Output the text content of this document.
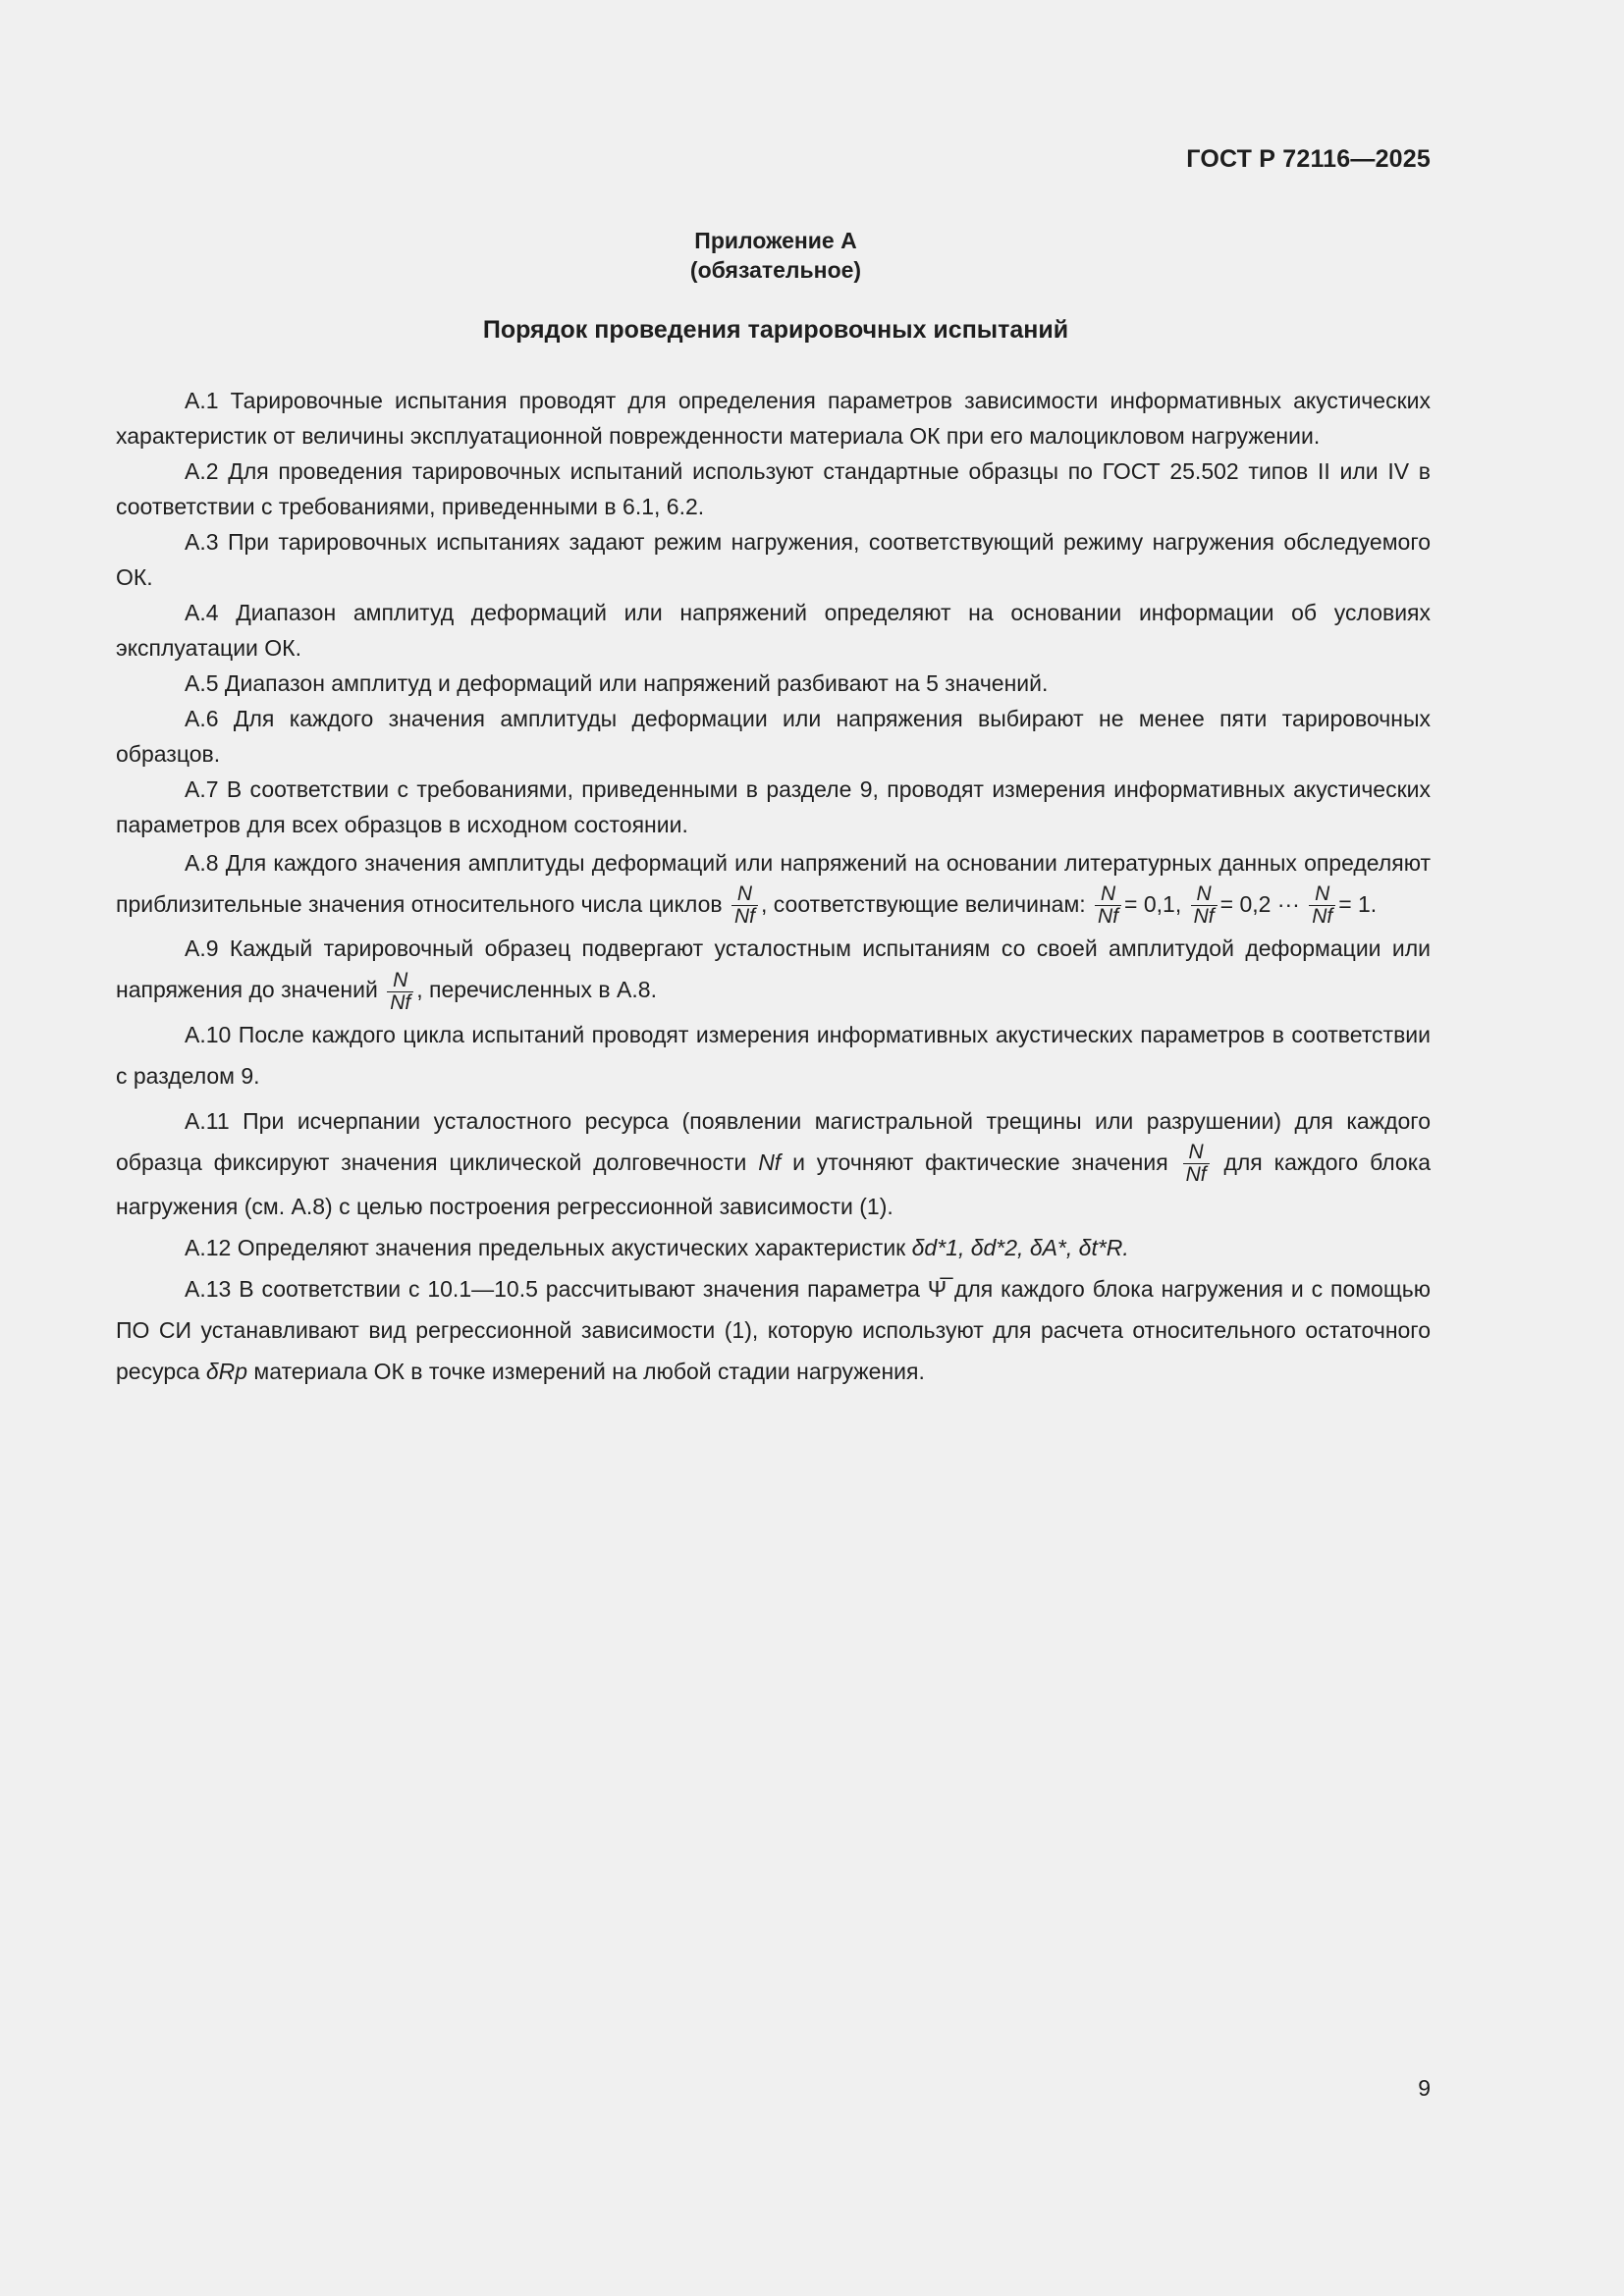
ГОСТ Р 72116—2025
Приложение А
(обязательное)
Порядок проведения тарировочных испытаний

А.1 Тарировочные испытания проводят для определения параметров зависимости информативных акустических характеристик от величины эксплуатационной поврежденности материала ОК при его малоцикловом нагружении.

А.2 Для проведения тарировочных испытаний используют стандартные образцы по ГОСТ 25.502 типов II или IV в соответствии с требованиями, приведенными в 6.1, 6.2.

А.3 При тарировочных испытаниях задают режим нагружения, соответствующий режиму нагружения обследуемого ОК.

А.4 Диапазон амплитуд деформаций или напряжений определяют на основании информации об условиях эксплуатации ОК.

А.5 Диапазон амплитуд и деформаций или напряжений разбивают на 5 значений.

А.6 Для каждого значения амплитуды деформации или напряжения выбирают не менее пяти тарировочных образцов.

А.7 В соответствии с требованиями, приведенными в разделе 9, проводят измерения информативных акустических параметров для всех образцов в исходном состоянии.

А.8 Для каждого значения амплитуды деформаций или напряжений на основании литературных данных определяют приблизительные значения относительного числа циклов $\frac{N}{Nf}$ , соответствующие величинам: $\frac{N}{Nf} = 0,1$, $\frac{N}{Nf} = 0,2$ ··· $\frac{N}{Nf} = 1$.

А.9 Каждый тарировочный образец подвергают усталостным испытаниям со своей амплитудой деформации или напряжения до значений $\frac{N}{Nf}$ , перечисленных в А.8.

А.10 После каждого цикла испытаний проводят измерения информативных акустических параметров в соответствии с разделом 9.

А.11 При исчерпании усталостного ресурса (появлении магистральной трещины или разрушении) для каждого образца фиксируют значения циклической долговечности Nf и уточняют фактические значения $\frac{N}{Nf}$ для каждого блока нагружения (см. А.8) с целью построения регрессионной зависимости (1).

А.12 Определяют значения предельных акустических характеристик δd*1, δd*2, δA*, δt*R.

А.13 В соответствии с 10.1—10.5 рассчитывают значения параметра Ψ̅ для каждого блока нагружения и с помощью ПО СИ устанавливают вид регрессионной зависимости (1), которую используют для расчета относительного остаточного ресурса δRp материала ОК в точке измерений на любой стадии нагружения.

9
